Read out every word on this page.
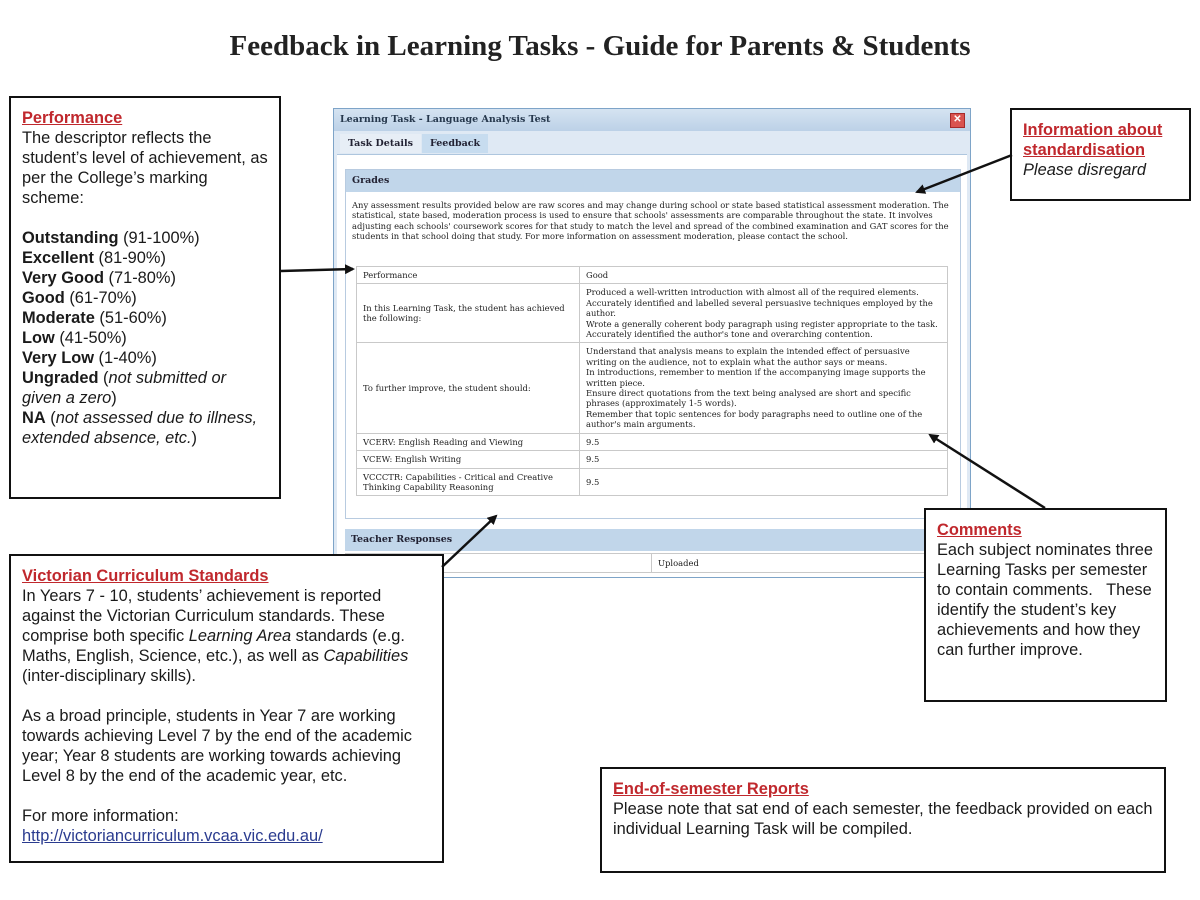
Feedback in Learning Tasks - Guide for Parents & Students
Learning Task - Language Analysis Test	✕
Task Details	Feedback
Grades
Any assessment results provided below are raw scores and may change during school or state based statistical assessment moderation. The statistical, state based, moderation process is used to ensure that schools' assessments are comparable throughout the state. It involves adjusting each schools' coursework scores for that study to match the level and spread of the combined examination and GAT scores for the students in that school doing that study. For more information on assessment moderation, please contact the school.
Performance	Good
In this Learning Task, the student has achieved the following:	Produced a well-written introduction with almost all of the required elements.
Accurately identified and labelled several persuasive techniques employed by the author.
Wrote a generally coherent body paragraph using register appropriate to the task.
Accurately identified the author's tone and overarching contention.
To further improve, the student should:	Understand that analysis means to explain the intended effect of persuasive writing on the audience, not to explain what the author says or means.
In introductions, remember to mention if the accompanying image supports the written piece.
Ensure direct quotations from the text being analysed are short and specific phrases (approximately 1-5 words).
Remember that topic sentences for body paragraphs need to outline one of the author's main arguments.
VCERV: English Reading and Viewing	9.5
VCEW: English Writing	9.5
VCCCTR: Capabilities - Critical and Creative Thinking Capability Reasoning	9.5
Teacher Responses
Uploaded
Performance
The descriptor reflects the student’s level of achievement, as per the College’s marking scheme:
Outstanding (91-100%)
Excellent (81-90%)
Very Good (71-80%)
Good (61-70%)
Moderate (51-60%)
Low (41-50%)
Very Low (1-40%)
Ungraded (not submitted or given a zero)
NA (not assessed due to illness, extended absence, etc.)
Information about standardisation
Please disregard
Comments
Each subject nominates three Learning Tasks per semester to contain comments.   These identify the student’s key achievements and how they can further improve.
Victorian Curriculum Standards
In Years 7 - 10, students’ achievement is reported against the Victorian Curriculum standards. These comprise both specific Learning Area standards (e.g. Maths, English, Science, etc.), as well as Capabilities (inter-disciplinary skills).
As a broad principle, students in Year 7 are working towards achieving Level 7 by the end of the academic year; Year 8 students are working towards achieving Level 8 by the end of the academic year, etc.
For more information:
http://victoriancurriculum.vcaa.vic.edu.au/
End-of-semester Reports
Please note that sat end of each semester, the feedback provided on each individual Learning Task will be compiled.
